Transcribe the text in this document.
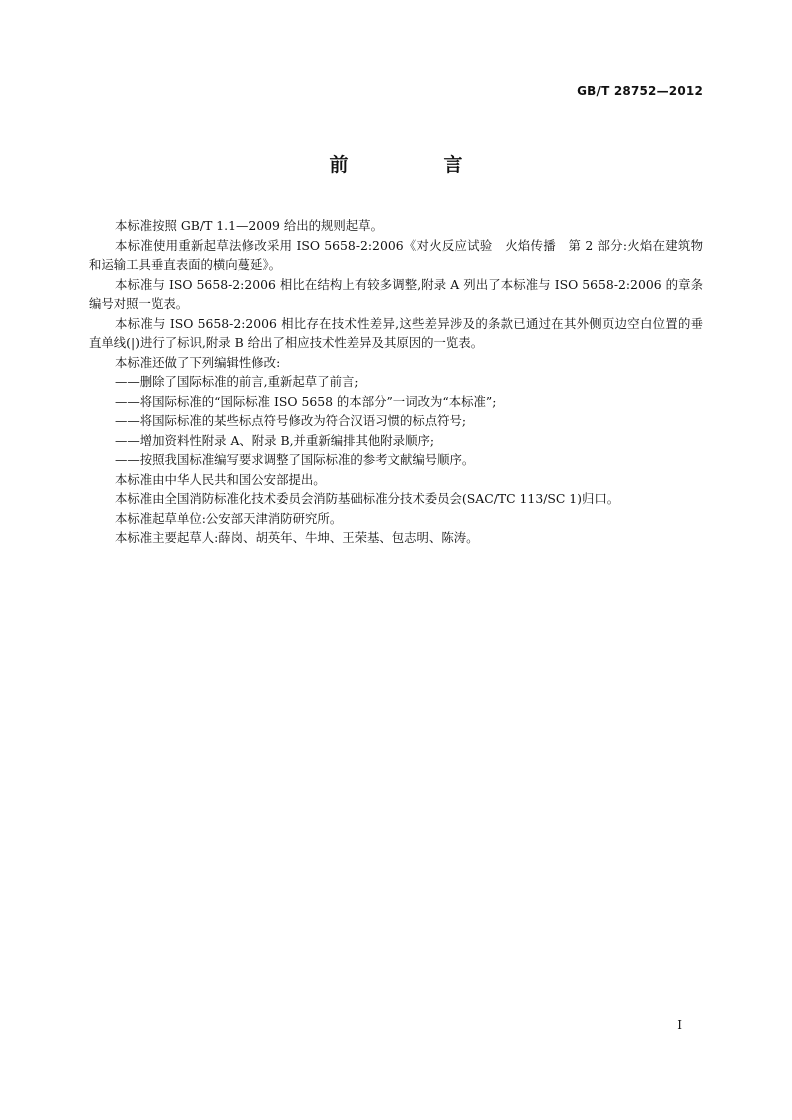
GB/T 28752—2012
前　言

本标准按照 GB/T 1.1—2009 给出的规则起草。

本标准使用重新起草法修改采用 ISO 5658-2:2006《对火反应试验　火焰传播　第 2 部分:火焰在建筑物和运输工具垂直表面的横向蔓延》。

本标准与 ISO 5658-2:2006 相比在结构上有较多调整,附录 A 列出了本标准与 ISO 5658-2:2006 的章条编号对照一览表。

本标准与 ISO 5658-2:2006 相比存在技术性差异,这些差异涉及的条款已通过在其外侧页边空白位置的垂直单线(|)进行了标识,附录 B 给出了相应技术性差异及其原因的一览表。

本标准还做了下列编辑性修改:

——删除了国际标准的前言,重新起草了前言;

——将国际标准的“国际标准 ISO 5658 的本部分”一词改为“本标准”;

——将国际标准的某些标点符号修改为符合汉语习惯的标点符号;

——增加资料性附录 A、附录 B,并重新编排其他附录顺序;

——按照我国标准编写要求调整了国际标准的参考文献编号顺序。

本标准由中华人民共和国公安部提出。

本标准由全国消防标准化技术委员会消防基础标准分技术委员会(SAC/TC 113/SC 1)归口。

本标准起草单位:公安部天津消防研究所。

本标准主要起草人:薛岗、胡英年、牛坤、王荣基、包志明、陈涛。

I
